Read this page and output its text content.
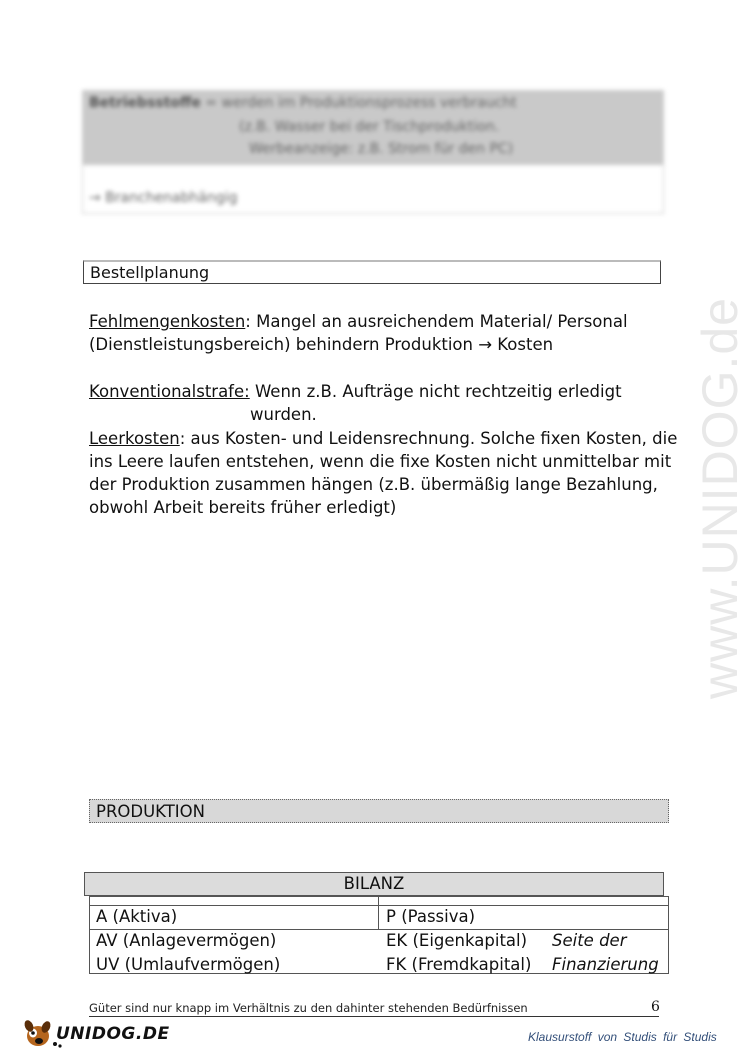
Betriebsstoffe = werden im Produktionsprozess verbraucht
(z.B. Wasser bei der Tischproduktion.
Werbeanzeige: z.B. Strom für den PC)
→ Branchenabhängig
www.UNIDOG.de
Bestellplanung
Fehlmengenkosten: Mangel an ausreichendem Material/ Personal
(Dienstleistungsbereich) behindern Produktion → Kosten
Konventionalstrafe: Wenn z.B. Aufträge nicht rechtzeitig erledigt
wurden.
Leerkosten: aus Kosten- und Leidensrechnung. Solche fixen Kosten, die
ins Leere laufen entstehen, wenn die fixe Kosten nicht unmittelbar mit
der Produktion zusammen hängen (z.B. übermäßig lange Bezahlung,
obwohl Arbeit bereits früher erledigt)
PRODUKTION
BILANZ
A (Aktiva)	P (Passiva)
AV (Anlagevermögen)	EK (Eigenkapital) Seite der
UV (Umlaufvermögen)	FK (Fremdkapital) Finanzierung
Güter sind nur knapp im Verhältnis zu den dahinter stehenden Bedürfnissen	6
UNIDOG.DE	Klausurstoff von Studis für Studis
